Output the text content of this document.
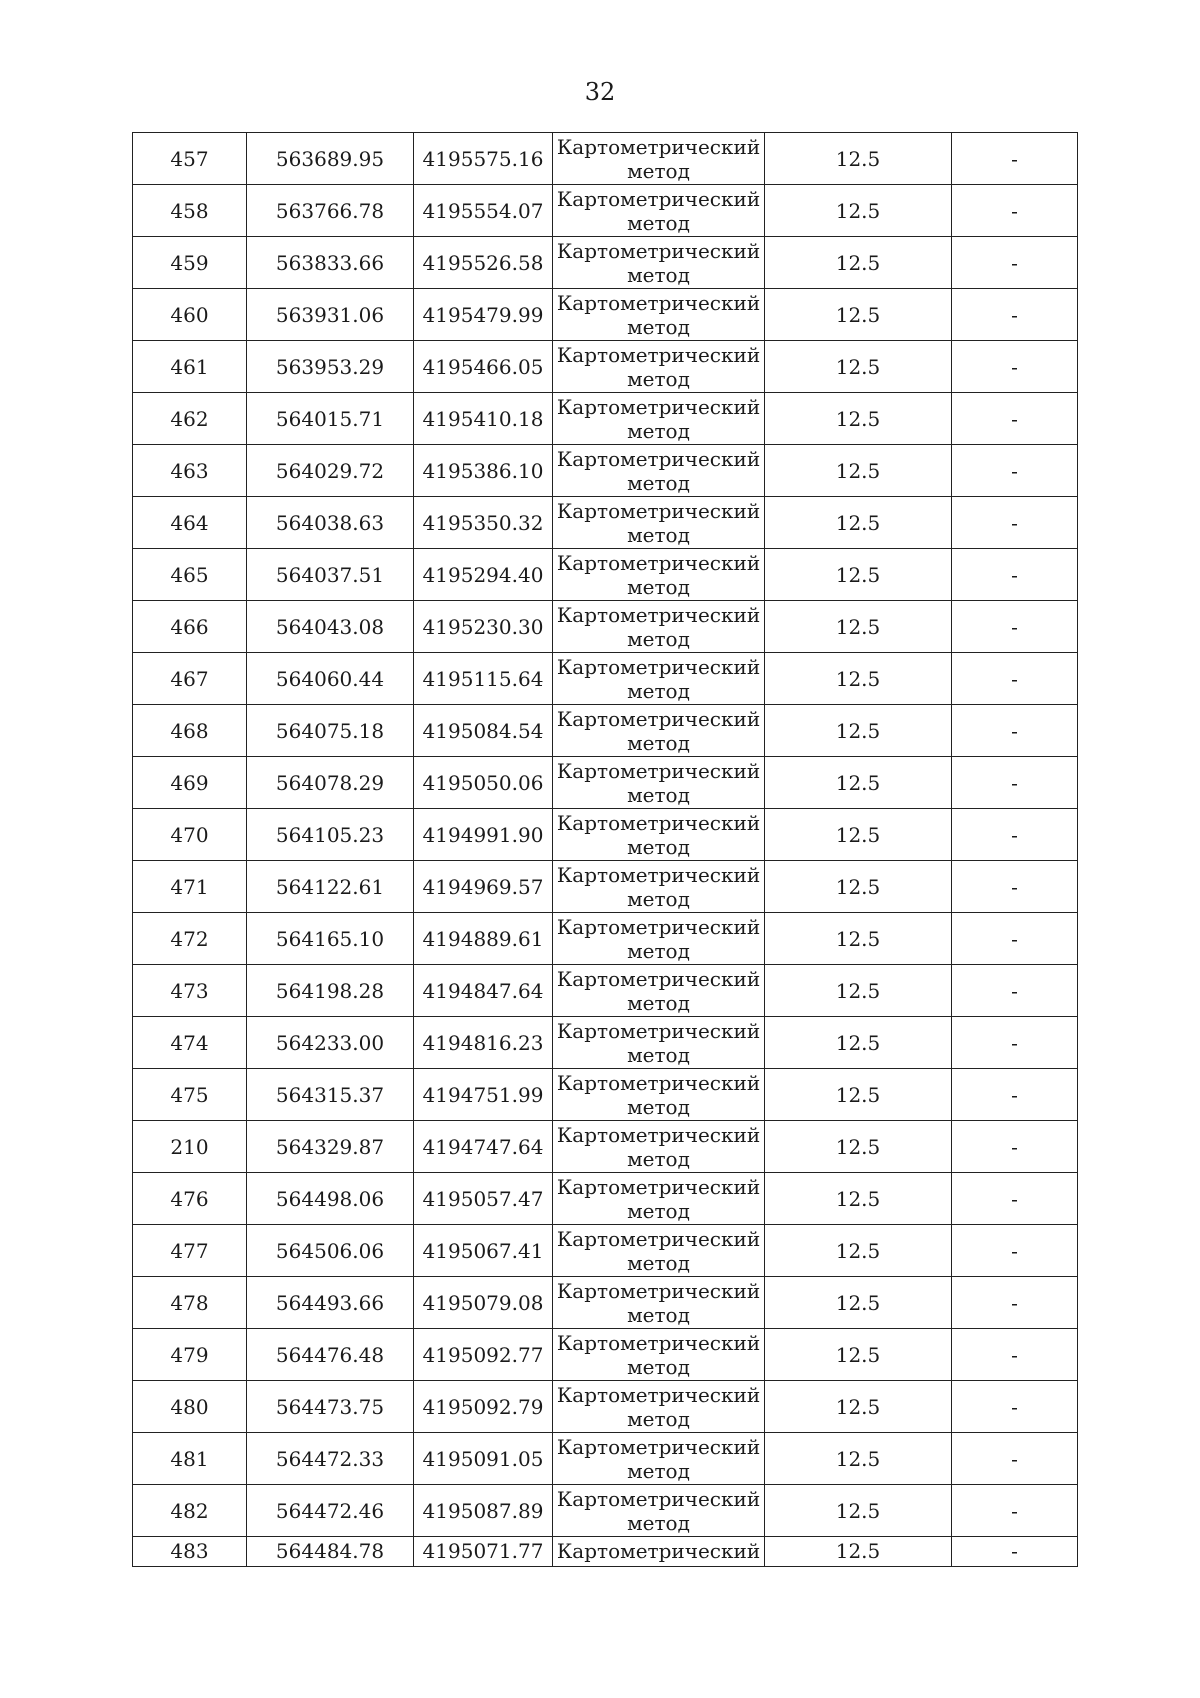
32
457	563689.95	4195575.16	Картометрический
метод	12.5	-
458	563766.78	4195554.07	Картометрический
метод	12.5	-
459	563833.66	4195526.58	Картометрический
метод	12.5	-
460	563931.06	4195479.99	Картометрический
метод	12.5	-
461	563953.29	4195466.05	Картометрический
метод	12.5	-
462	564015.71	4195410.18	Картометрический
метод	12.5	-
463	564029.72	4195386.10	Картометрический
метод	12.5	-
464	564038.63	4195350.32	Картометрический
метод	12.5	-
465	564037.51	4195294.40	Картометрический
метод	12.5	-
466	564043.08	4195230.30	Картометрический
метод	12.5	-
467	564060.44	4195115.64	Картометрический
метод	12.5	-
468	564075.18	4195084.54	Картометрический
метод	12.5	-
469	564078.29	4195050.06	Картометрический
метод	12.5	-
470	564105.23	4194991.90	Картометрический
метод	12.5	-
471	564122.61	4194969.57	Картометрический
метод	12.5	-
472	564165.10	4194889.61	Картометрический
метод	12.5	-
473	564198.28	4194847.64	Картометрический
метод	12.5	-
474	564233.00	4194816.23	Картометрический
метод	12.5	-
475	564315.37	4194751.99	Картометрический
метод	12.5	-
210	564329.87	4194747.64	Картометрический
метод	12.5	-
476	564498.06	4195057.47	Картометрический
метод	12.5	-
477	564506.06	4195067.41	Картометрический
метод	12.5	-
478	564493.66	4195079.08	Картометрический
метод	12.5	-
479	564476.48	4195092.77	Картометрический
метод	12.5	-
480	564473.75	4195092.79	Картометрический
метод	12.5	-
481	564472.33	4195091.05	Картометрический
метод	12.5	-
482	564472.46	4195087.89	Картометрический
метод	12.5	-
483	564484.78	4195071.77	Картометрический	12.5	-
